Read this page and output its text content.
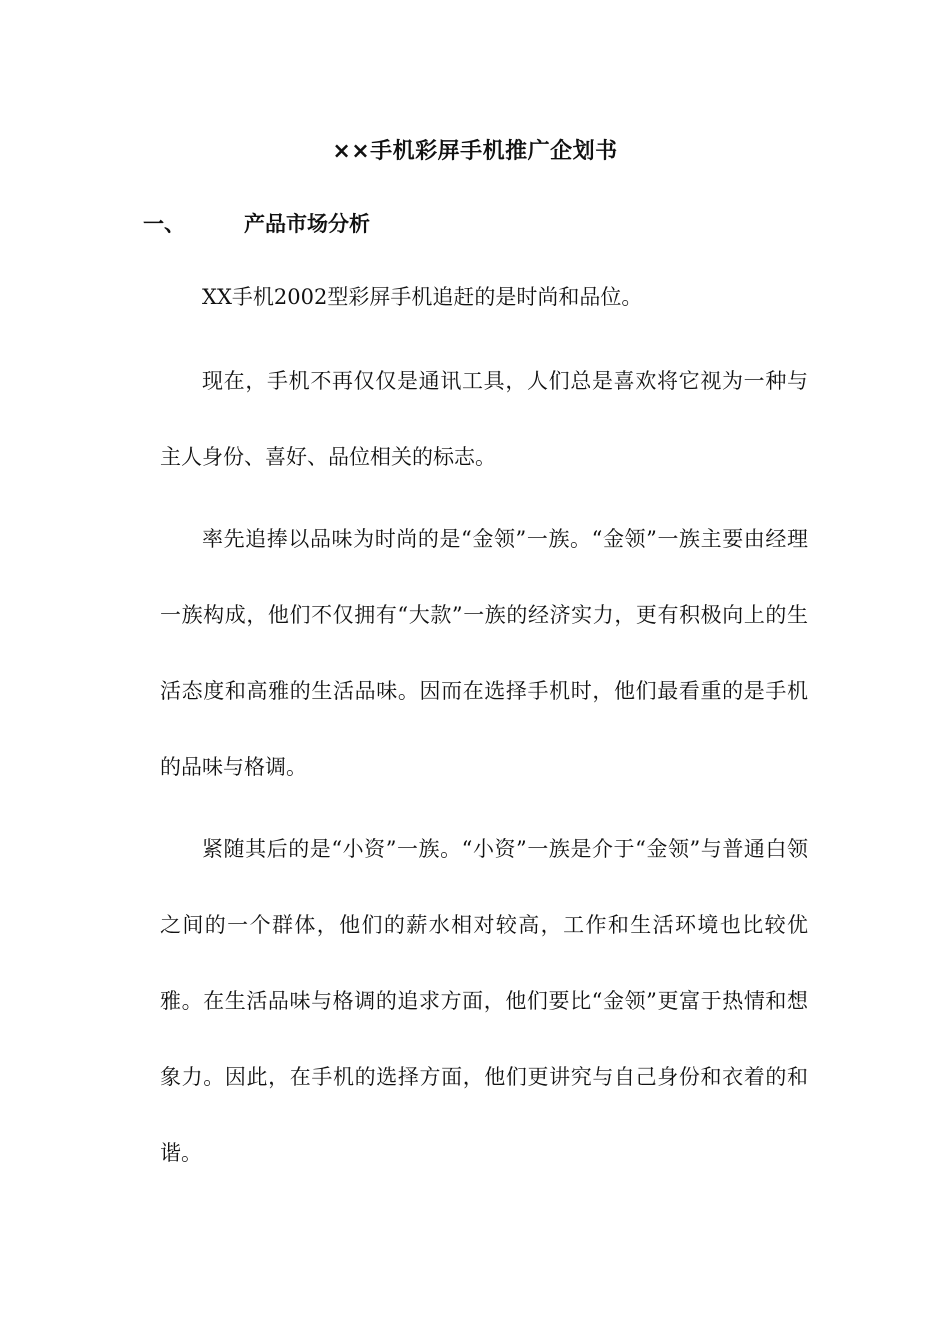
××手机彩屏手机推广企划书
一、	产品市场分析

XX手机2002型彩屏手机追赶的是时尚和品位。

现在，手机不再仅仅是通讯工具，人们总是喜欢将它视为一种与主人身份、喜好、品位相关的标志。

率先追捧以品味为时尚的是“金领”一族。“金领”一族主要由经理一族构成，他们不仅拥有“大款”一族的经济实力，更有积极向上的生活态度和高雅的生活品味。因而在选择手机时，他们最看重的是手机的品味与格调。

紧随其后的是“小资”一族。“小资”一族是介于“金领”与普通白领之间的一个群体，他们的薪水相对较高，工作和生活环境也比较优雅。在生活品味与格调的追求方面，他们要比“金领”更富于热情和想象力。因此，在手机的选择方面，他们更讲究与自己身份和衣着的和谐。
